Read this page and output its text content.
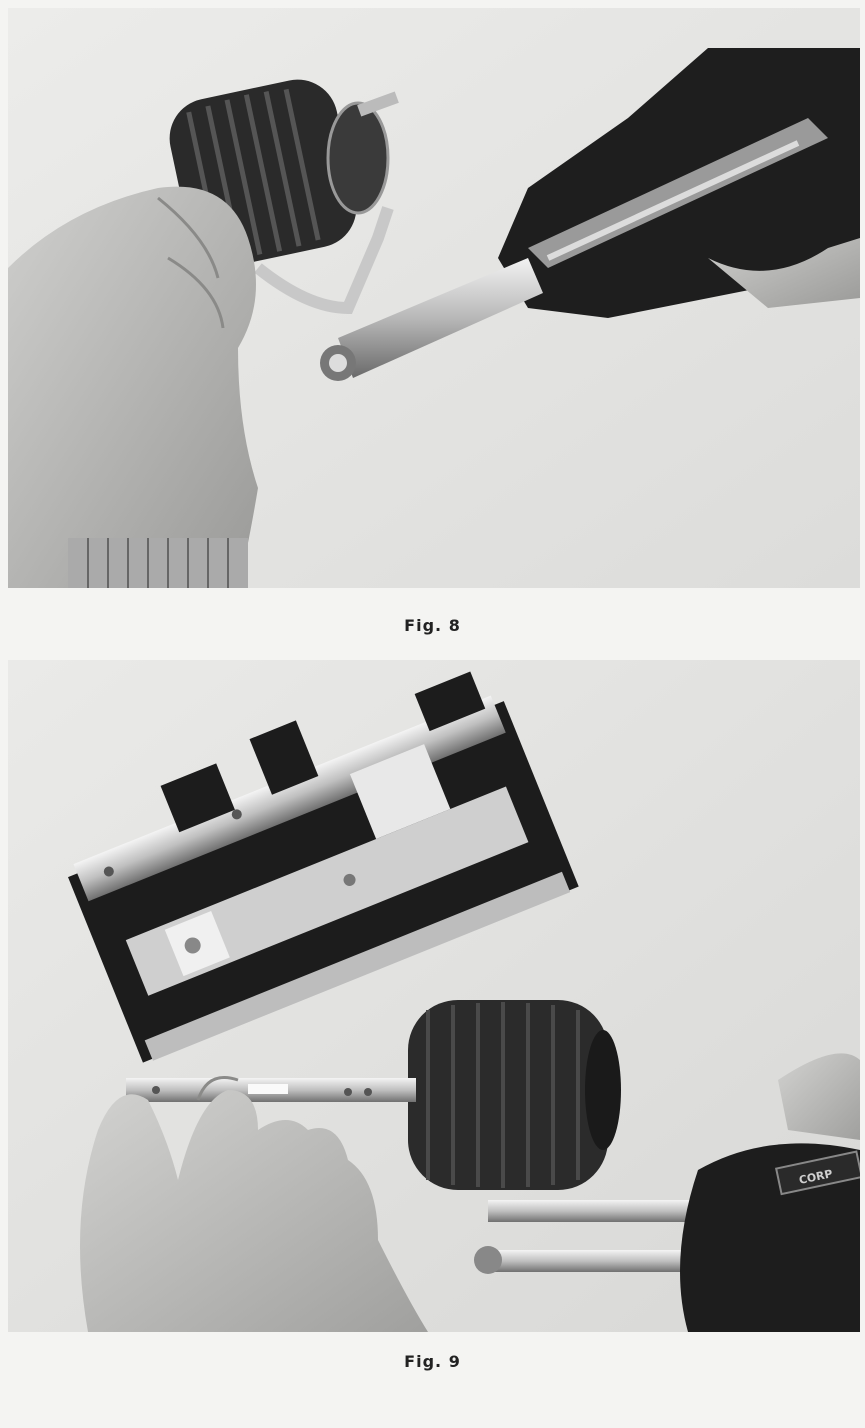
Fig. 8
CORP
Fig. 9
